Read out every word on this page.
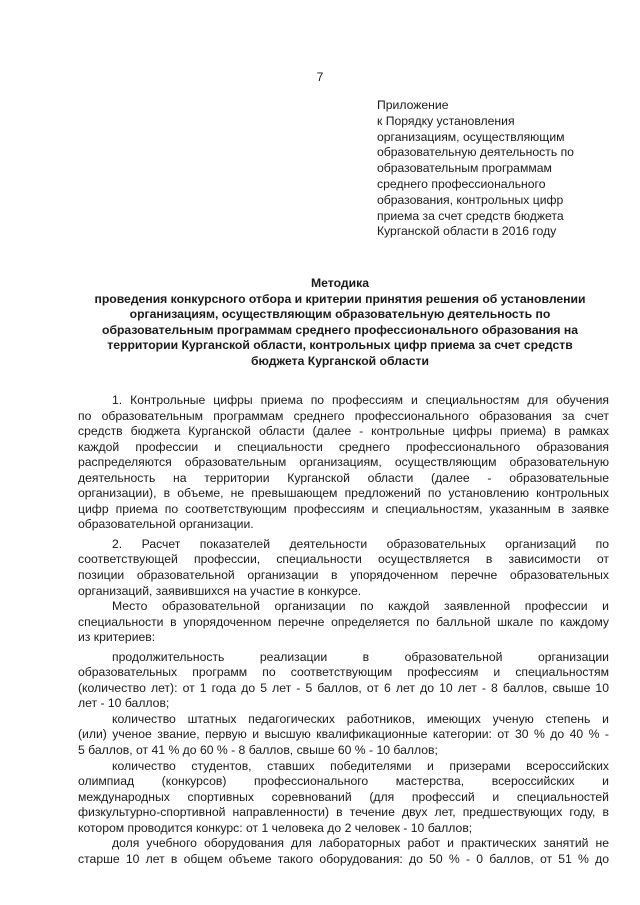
7
Приложение
к Порядку установления
организациям, осуществляющим
образовательную деятельность по
образовательным программам
среднего профессионального
образования, контрольных цифр
приема за счет средств бюджета
Курганской области в 2016 году
Методика
проведения конкурсного отбора и критерии принятия решения об установлении
организациям, осуществляющим образовательную деятельность по
образовательным программам среднего профессионального образования на
территории Курганской области, контрольных цифр приема за счет средств
бюджета Курганской области
1. Контрольные цифры приема по профессиям и специальностям для обучения
по образовательным программам среднего профессионального образования за счет
средств бюджета Курганской области (далее - контрольные цифры приема) в рамках
каждой профессии и специальности среднего профессионального образования
распределяются образовательным организациям, осуществляющим образовательную
деятельность на территории Курганской области (далее - образовательные
организации), в объеме, не превышающем предложений по установлению контрольных
цифр приема по соответствующим профессиям и специальностям, указанным в заявке
образовательной организации.
2. Расчет показателей деятельности образовательных организаций по
соответствующей профессии, специальности осуществляется в зависимости от
позиции образовательной организации в упорядоченном перечне образовательных
организаций, заявившихся на участие в конкурсе.
Место образовательной организации по каждой заявленной профессии и
специальности в упорядоченном перечне определяется по балльной шкале по каждому
из критериев:
продолжительность реализации в образовательной организации
образовательных программ по соответствующим профессиям и специальностям
(количество лет): от 1 года до 5 лет - 5 баллов, от 6 лет до 10 лет - 8 баллов, свыше 10
лет - 10 баллов;
количество штатных педагогических работников, имеющих ученую степень и
(или) ученое звание, первую и высшую квалификационные категории: от 30 % до 40 % -
5 баллов, от 41 % до 60 % - 8 баллов, свыше 60 % - 10 баллов;
количество студентов, ставших победителями и призерами всероссийских
олимпиад (конкурсов) профессионального мастерства, всероссийских и
международных спортивных соревнований (для профессий и специальностей
физкультурно-спортивной направленности) в течение двух лет, предшествующих году, в
котором проводится конкурс: от 1 человека до 2 человек - 10 баллов;
доля учебного оборудования для лабораторных работ и практических занятий не
старше 10 лет в общем объеме такого оборудования: до 50 % - 0 баллов, от 51 % до
